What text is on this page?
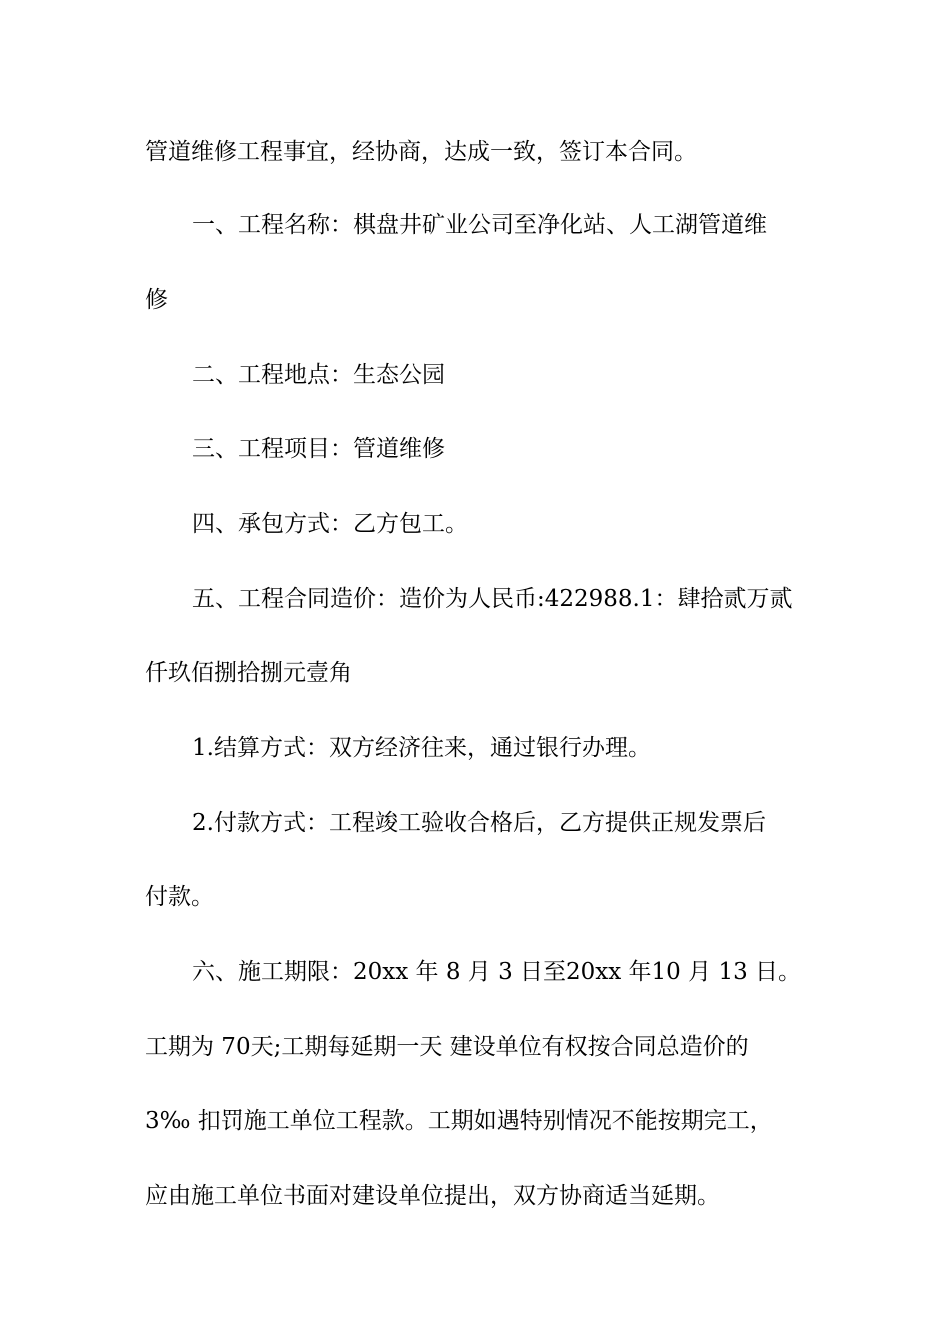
管道维修工程事宜，经协商，达成一致，签订本合同。
一、工程名称：棋盘井矿业公司至净化站、人工湖管道维
修
二、工程地点：生态公园
三、工程项目：管道维修
四、承包方式：乙方包工。
五、工程合同造价：造价为人民币:422988.1：肆拾贰万贰
仟玖佰捌拾捌元壹角
1.结算方式：双方经济往来，通过银行办理。
2.付款方式：工程竣工验收合格后，乙方提供正规发票后
付款。
六、施工期限：20xx 年 8 月 3 日至20xx 年10 月 13 日。
工期为 70天;工期每延期一天 建设单位有权按合同总造价的
3‰ 扣罚施工单位工程款。工期如遇特别情况不能按期完工，
应由施工单位书面对建设单位提出，双方协商适当延期。
